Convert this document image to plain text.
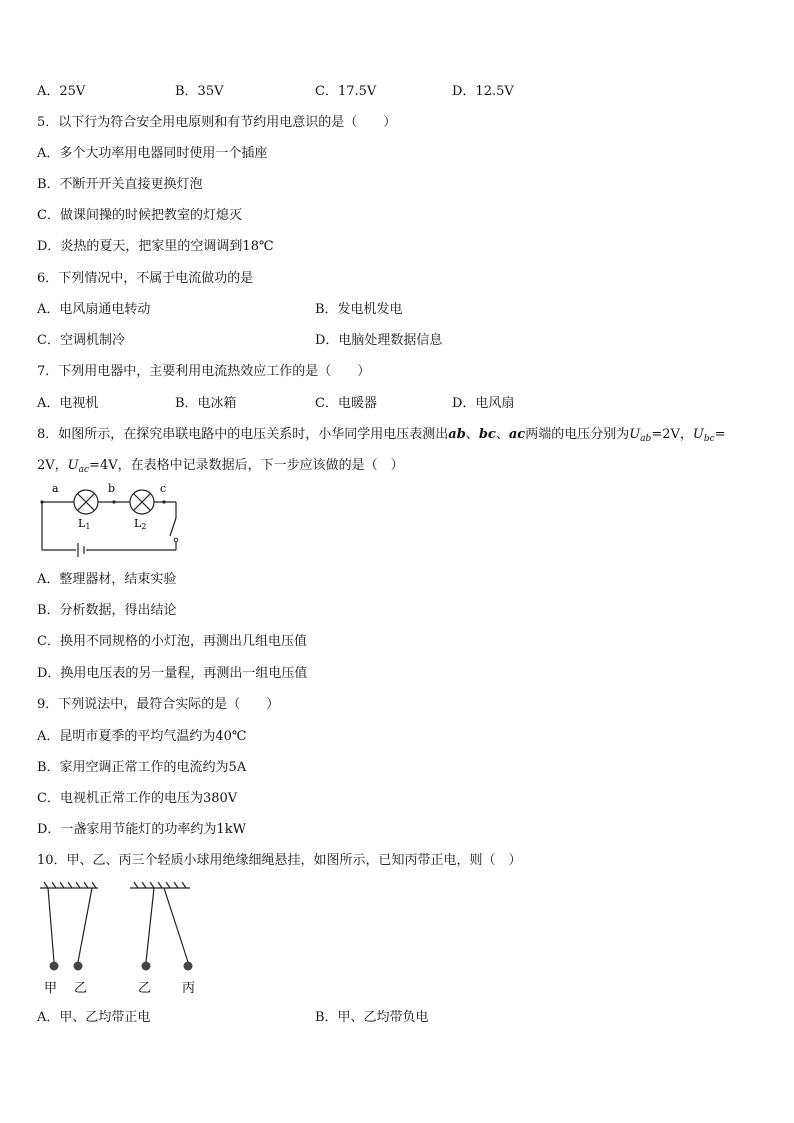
A．25V	B．35V	C．17.5V	D．12.5V
5．以下行为符合安全用电原则和有节约用电意识的是（　　）
A．多个大功率用电器同时使用一个插座
B．不断开开关直接更换灯泡
C．做课间操的时候把教室的灯熄灭
D．炎热的夏天，把家里的空调调到18℃
6．下列情况中，不属于电流做功的是
A．电风扇通电转动	B．发电机发电
C．空调机制冷	D．电脑处理数据信息
7．下列用电器中，主要利用电流热效应工作的是（　　）
A．电视机	B．电冰箱	C．电暖器	D．电风扇
8．如图所示，在探究串联电路中的电压关系时，小华同学用电压表测出ab、bc、ac两端的电压分别为$U_{ab}=2V$，$U_{bc}=$
2V，$U_{ac}=4V$，在表格中记录数据后，下一步应该做的是（　）
a	b	c
L1	L2
A．整理器材，结束实验
B．分析数据，得出结论
C．换用不同规格的小灯泡，再测出几组电压值
D．换用电压表的另一量程，再测出一组电压值
9．下列说法中，最符合实际的是（　　）
A．昆明市夏季的平均气温约为40℃
B．家用空调正常工作的电流约为5A
C．电视机正常工作的电压为380V
D．一盏家用节能灯的功率约为1kW
10．甲、乙、丙三个轻质小球用绝缘细绳悬挂，如图所示，已知丙带正电，则（　）
甲 乙	乙 丙
A．甲、乙均带正电	B．甲、乙均带负电
